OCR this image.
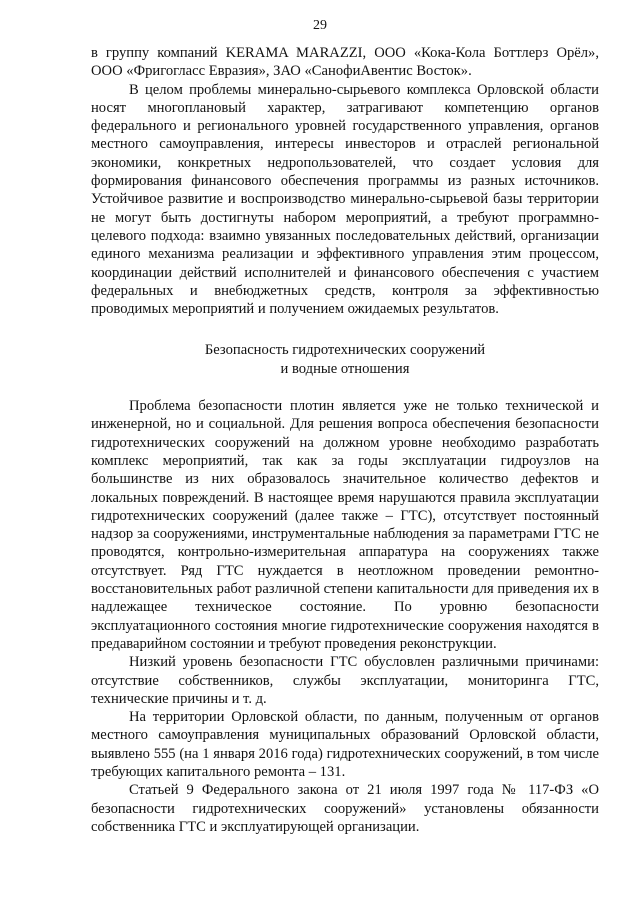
29

в группу компаний KERAMA MARAZZI, ООО «Кока-Кола Боттлерз Орёл», ООО «Фригогласс Евразия», ЗАО «СанофиАвентис Восток».

В целом проблемы минерально-сырьевого комплекса Орловской области носят многоплановый характер, затрагивают компетенцию органов федерального и регионального уровней государственного управления, органов местного самоуправления, интересы инвесторов и отраслей региональной экономики, конкретных недропользователей, что создает условия для формирования финансового обеспечения программы из разных источников. Устойчивое развитие и воспроизводство минерально-сырьевой базы территории не могут быть достигнуты набором мероприятий, а требуют программно-целевого подхода: взаимно увязанных последовательных действий, организации единого механизма реализации и эффективного управления этим процессом, координации действий исполнителей и финансового обеспечения с участием федеральных и внебюджетных средств, контроля за эффективностью проводимых мероприятий и получением ожидаемых результатов.

Безопасность гидротехнических сооружений
и водные отношения

Проблема безопасности плотин является уже не только технической и инженерной, но и социальной. Для решения вопроса обеспечения безопасности гидротехнических сооружений на должном уровне необходимо разработать комплекс мероприятий, так как за годы эксплуатации гидроузлов на большинстве из них образовалось значительное количество дефектов и локальных повреждений. В настоящее время нарушаются правила эксплуатации гидротехнических сооружений (далее также – ГТС), отсутствует постоянный надзор за сооружениями, инструментальные наблюдения за параметрами ГТС не проводятся, контрольно-измерительная аппаратура на сооружениях также отсутствует. Ряд ГТС нуждается в неотложном проведении ремонтно-восстановительных работ различной степени капитальности для приведения их в надлежащее техническое состояние. По уровню безопасности эксплуатационного состояния многие гидротехнические сооружения находятся в предаварийном состоянии и требуют проведения реконструкции.

Низкий уровень безопасности ГТС обусловлен различными причинами: отсутствие собственников, службы эксплуатации, мониторинга ГТС, технические причины и т. д.

На территории Орловской области, по данным, полученным от органов местного самоуправления муниципальных образований Орловской области, выявлено 555 (на 1 января 2016 года) гидротехнических сооружений, в том числе требующих капитального ремонта – 131.

Статьей 9 Федерального закона от 21 июля 1997 года № 117-ФЗ «О безопасности гидротехнических сооружений» установлены обязанности собственника ГТС и эксплуатирующей организации.
